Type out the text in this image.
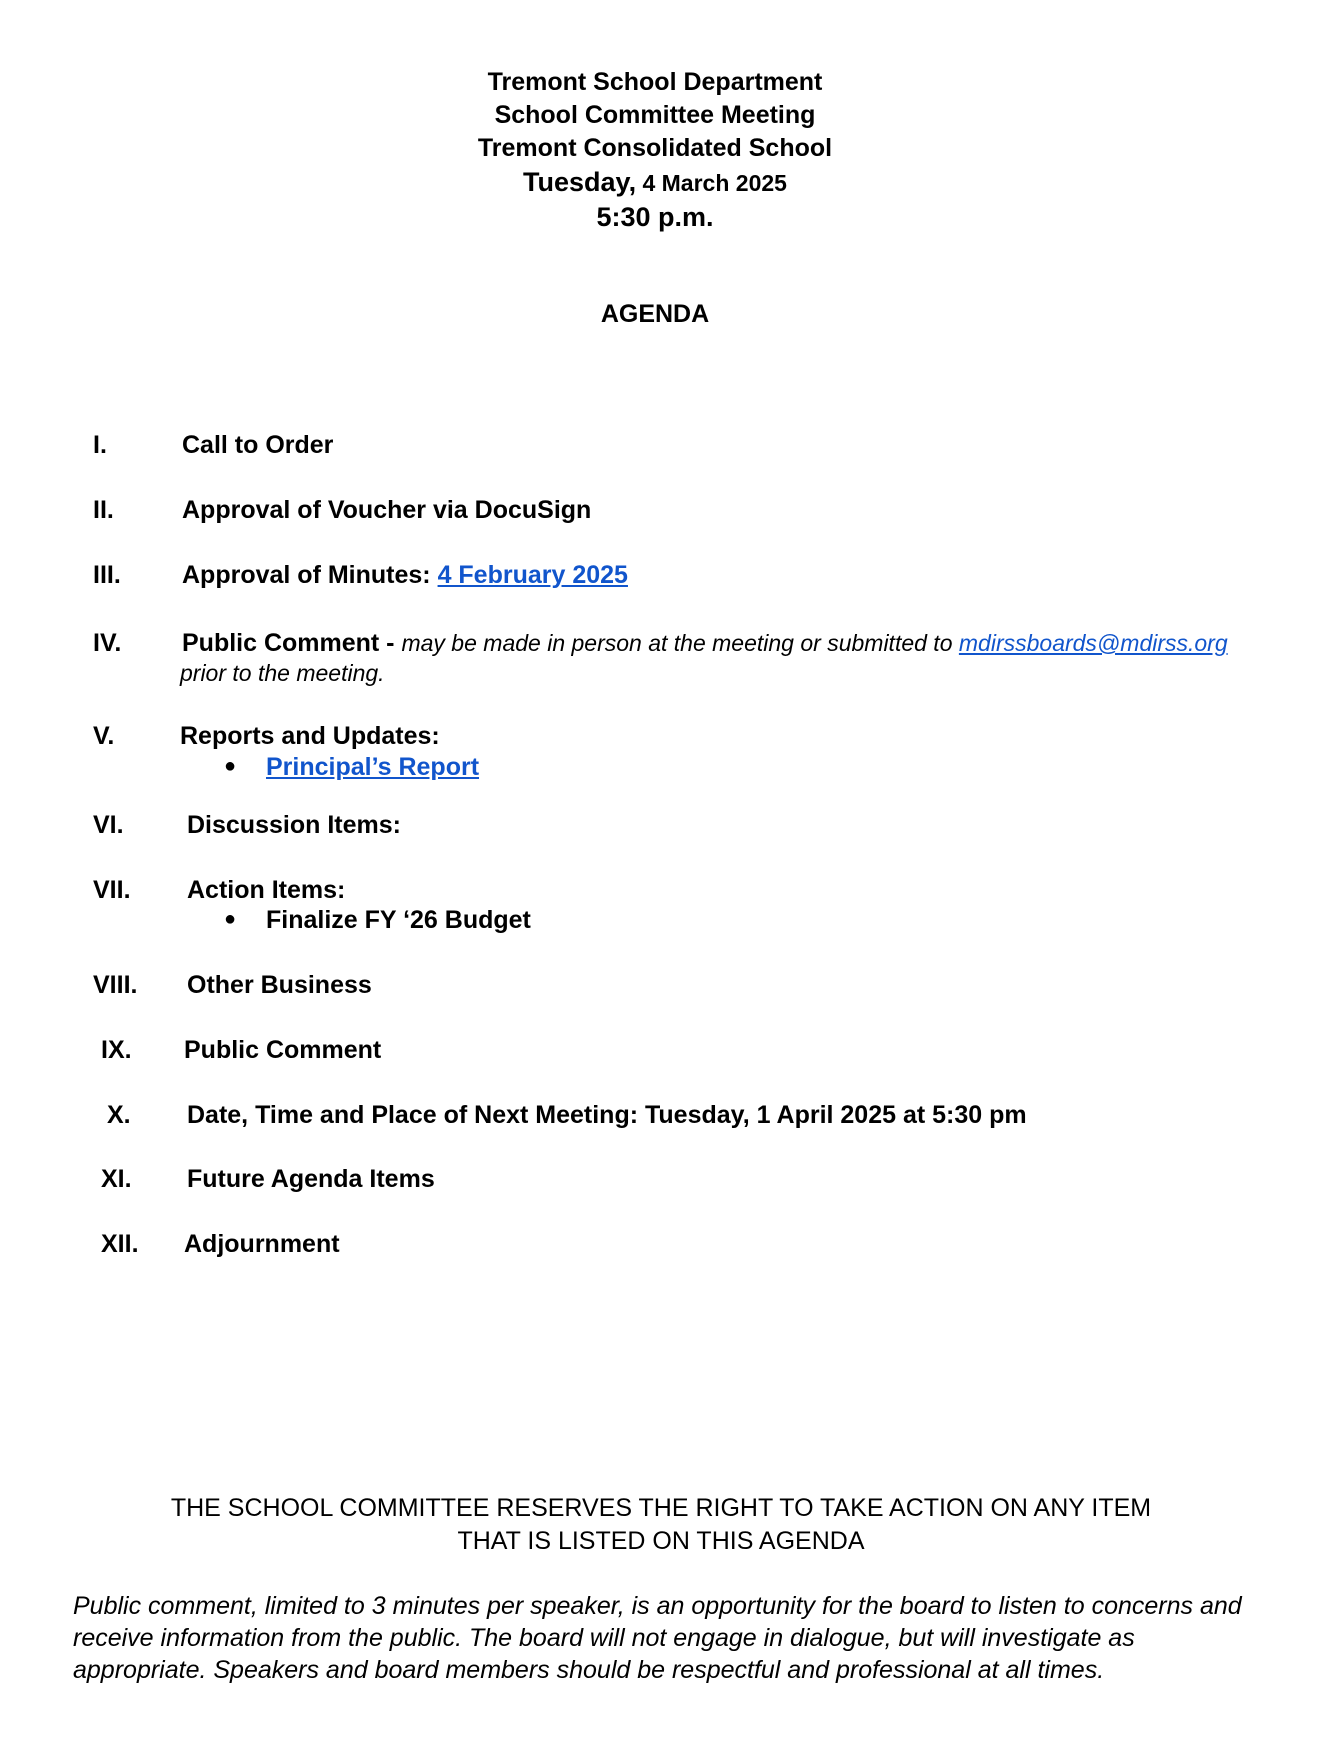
Tremont School Department
School Committee Meeting
Tremont Consolidated School
Tuesday, 4 March 2025
5:30 p.m.
AGENDA
I.	Call to Order
II.	Approval of Voucher via DocuSign
III. Approval of Minutes: 4 February 2025
IV. Public Comment - may be made in person at the meeting or submitted to mdirssboards@mdirss.org
prior to the meeting.
V.	Reports and Updates:
● Principal’s Report
VI.	Discussion Items:
VII. Action Items:
● Finalize FY ‘26 Budget
VIII. Other Business
IX. Public Comment
X. Date, Time and Place of Next Meeting: Tuesday, 1 April 2025 at 5:30 pm
XI. Future Agenda Items
XII. Adjournment
THE SCHOOL COMMITTEE RESERVES THE RIGHT TO TAKE ACTION ON ANY ITEM
THAT IS LISTED ON THIS AGENDA
Public comment, limited to 3 minutes per speaker, is an opportunity for the board to listen to concerns and receive information from the public. The board will not engage in dialogue, but will investigate as appropriate. Speakers and board members should be respectful and professional at all times.
